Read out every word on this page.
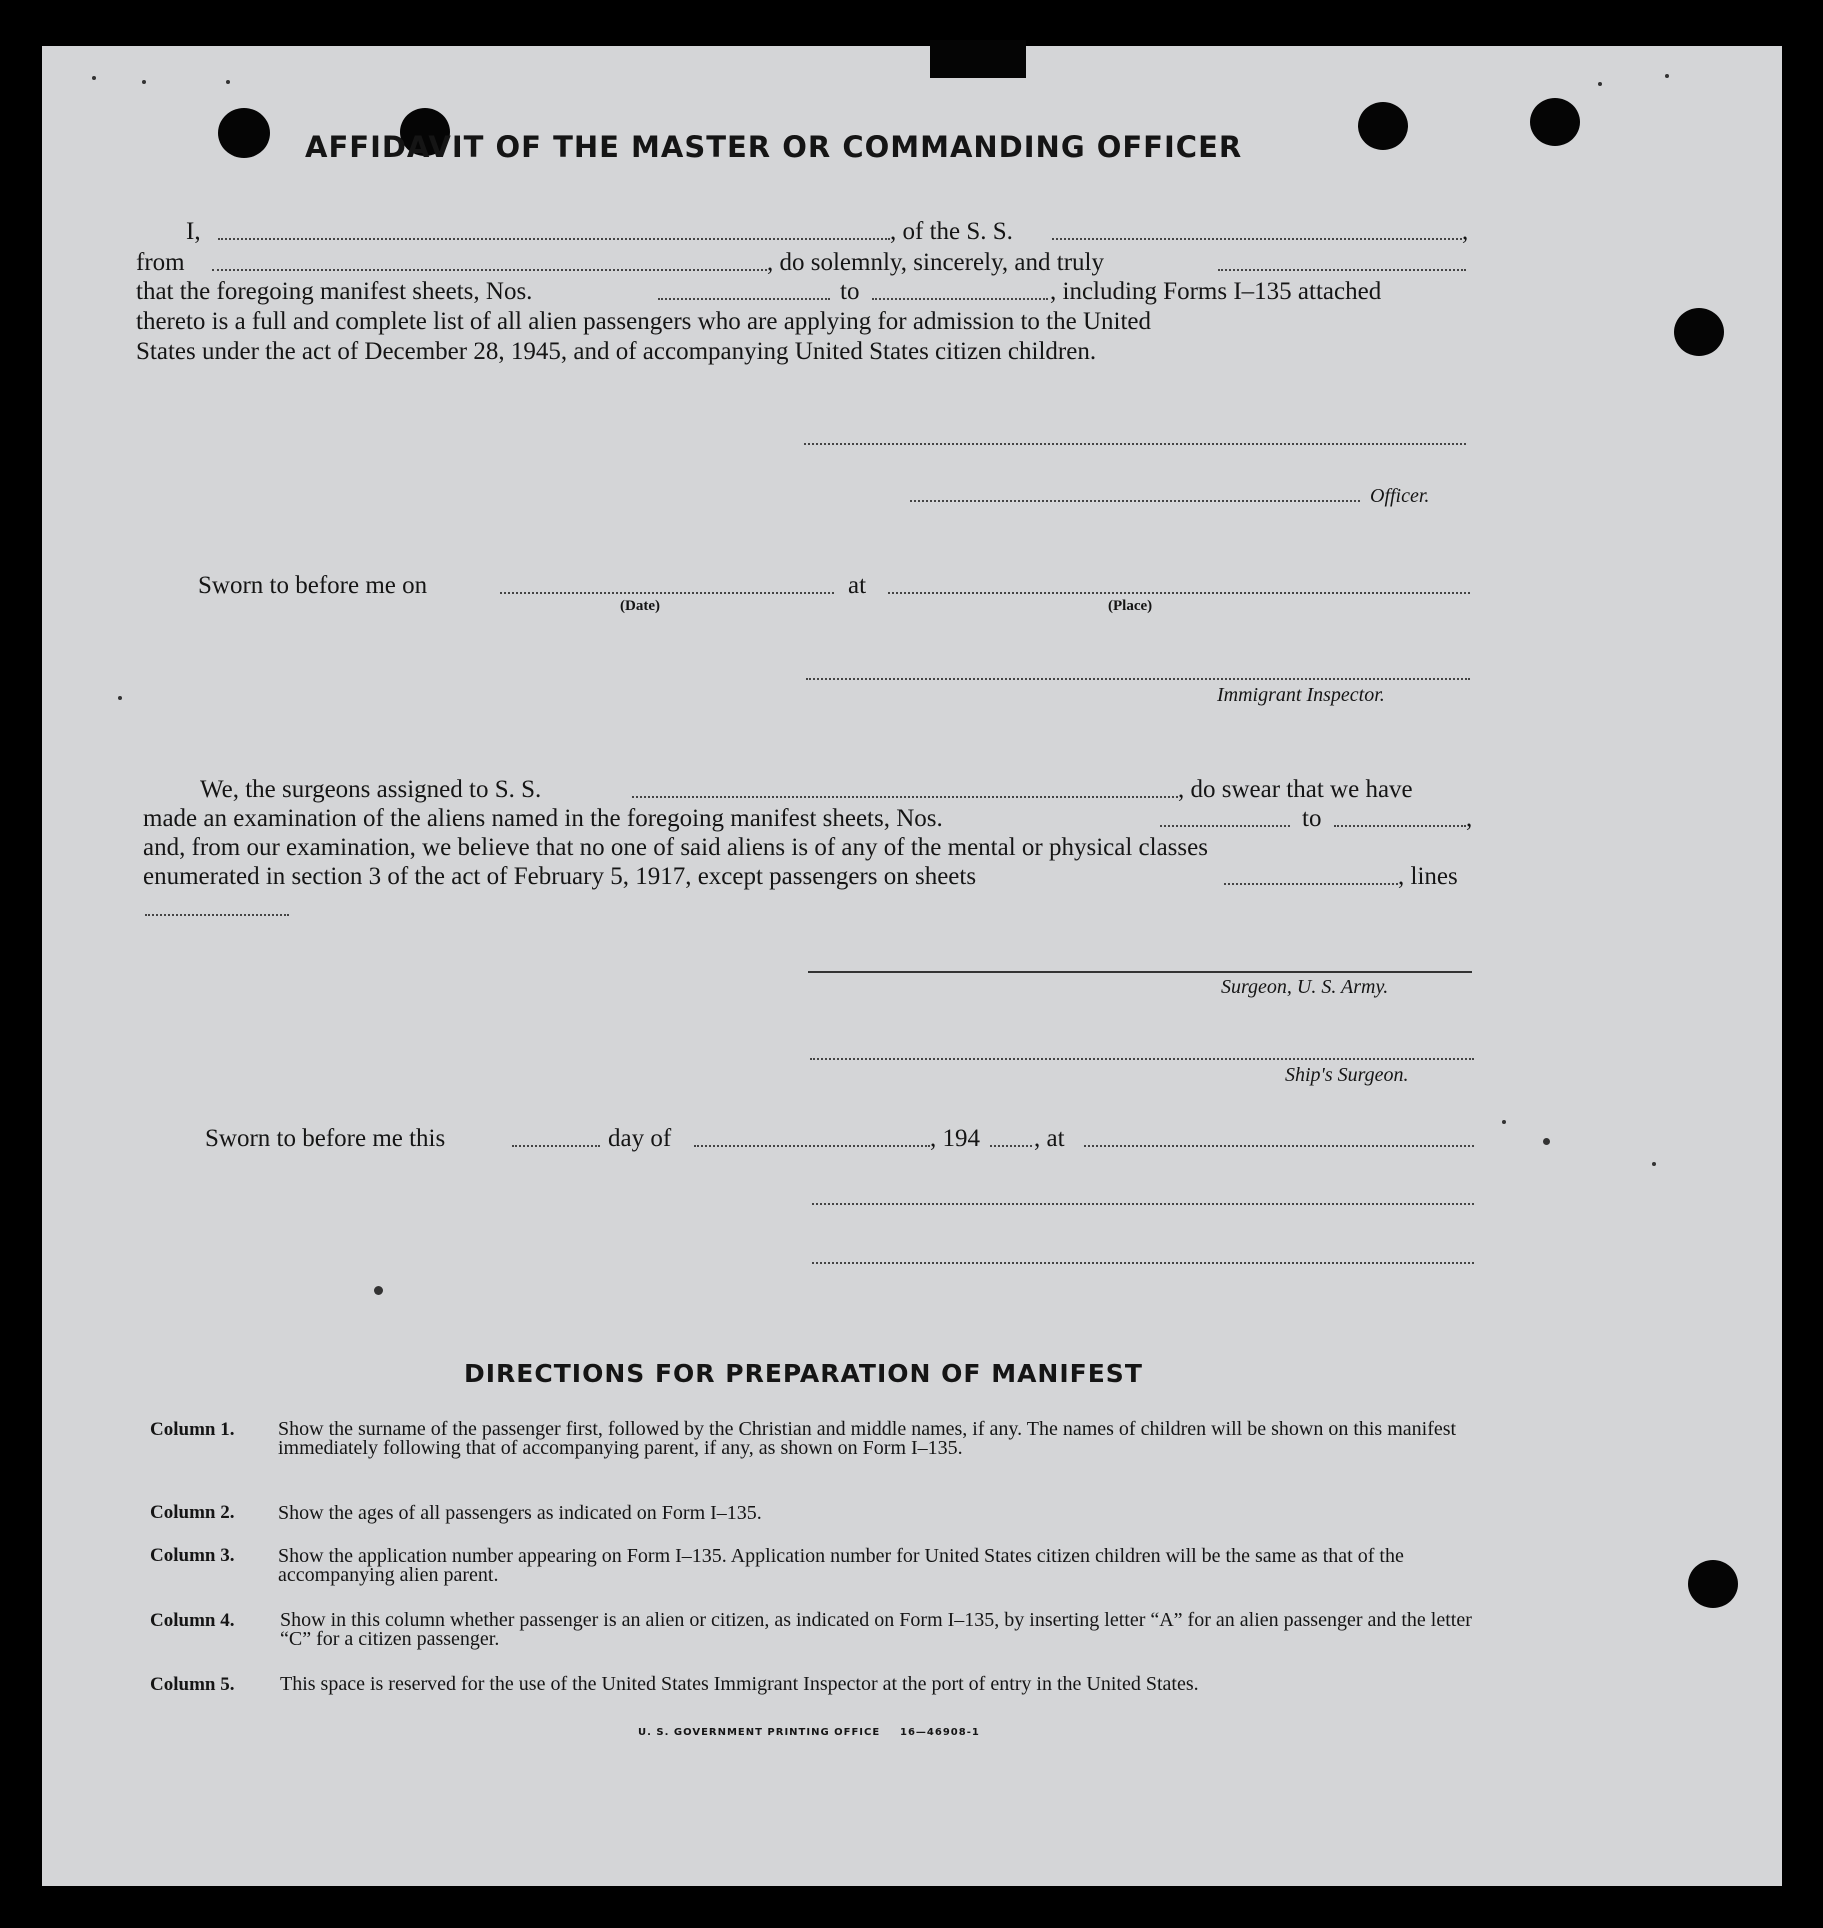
AFFIDAVIT OF THE MASTER OR COMMANDING OFFICER
I,	, of the S. S.	,
from	, do solemnly, sincerely, and truly
that the foregoing manifest sheets, Nos.	to	, including Forms I–135 attached
thereto is a full and complete list of all alien passengers who are applying for admission to the United
States under the act of December 28, 1945, and of accompanying United States citizen children.
Officer.
Sworn to before me on	at
(Date)	(Place)
Immigrant Inspector.
We, the surgeons assigned to S. S.	, do swear that we have
made an examination of the aliens named in the foregoing manifest sheets, Nos.	to	,
and, from our examination, we believe that no one of said aliens is of any of the mental or physical classes
enumerated in section 3 of the act of February 5, 1917, except passengers on sheets	, lines
Surgeon, U. S. Army.
Ship's Surgeon.
Sworn to before me this	day of	, 194 , at
DIRECTIONS FOR PREPARATION OF MANIFEST
Column 1.	Show the surname of the passenger first, followed by the Christian and middle names, if any. The names of children will be shown on this manifest immediately following that of accompanying parent, if any, as shown on Form I–135.
Column 2. Show the ages of all passengers as indicated on Form I–135.
Column 3. Show the application number appearing on Form I–135. Application number for United States citizen children will be the same as that of the accompanying alien parent.
Column 4. Show in this column whether passenger is an alien or citizen, as indicated on Form I–135, by inserting letter “A” for an alien passenger and the letter “C” for a citizen passenger.
Column 5. This space is reserved for the use of the United States Immigrant Inspector at the port of entry in the United States.
U. S. GOVERNMENT PRINTING OFFICE 16—46908-1
